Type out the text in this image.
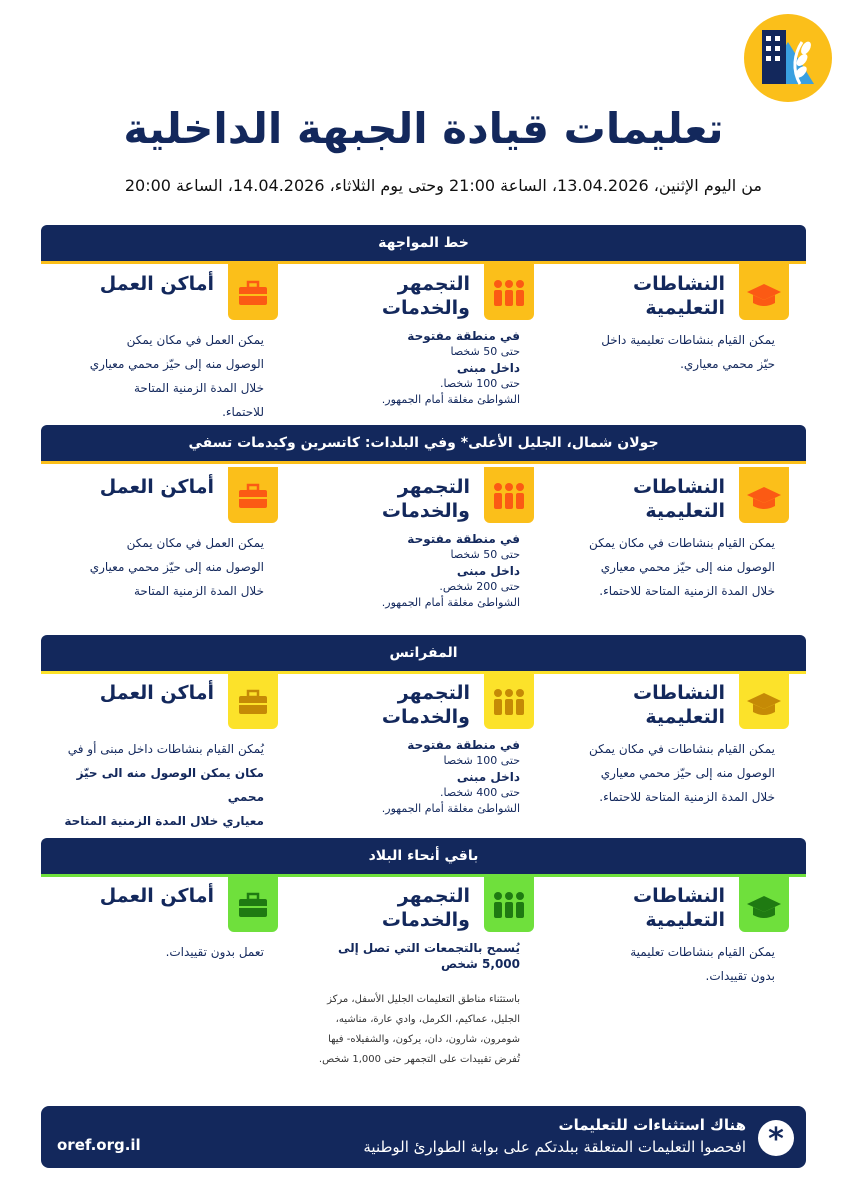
تعليمات قيادة الجبهة الداخلية
من اليوم الإثنين، 13.04.2026، الساعة 21:00 وحتى يوم الثلاثاء، 14.04.2026، الساعة 20:00
خط المواجهة
النشاطات التعليمية
يمكن القيام بنشاطات تعليمية داخل
حيّز محمي معياري.
التجمهر والخدمات
في منطقة مفتوحة
حتى 50 شخصا
داخل مبنى
حتى 100 شخصا.
الشواطئ مغلقة أمام الجمهور.
أماكن العمل
يمكن العمل في مكان يمكن
الوصول منه إلى حيّز محمي معياري
خلال المدة الزمنية المتاحة
للاحتماء.
جولان شمال، الجليل الأعلى* وفي البلدات: كاتسرين وكيدمات تسفي
النشاطات التعليمية
يمكن القيام بنشاطات في مكان يمكن
الوصول منه إلى حيّز محمي معياري
خلال المدة الزمنية المتاحة للاحتماء.
التجمهر والخدمات
في منطقة مفتوحة
حتى 50 شخصا
داخل مبنى
حتى 200 شخص.
الشواطئ مغلقة أمام الجمهور.
أماكن العمل
يمكن العمل في مكان يمكن
الوصول منه إلى حيّز محمي معياري
خلال المدة الزمنية المتاحة
المفراتس
النشاطات التعليمية
يمكن القيام بنشاطات في مكان يمكن
الوصول منه إلى حيّز محمي معياري
خلال المدة الزمنية المتاحة للاحتماء.
التجمهر والخدمات
في منطقة مفتوحة
حتى 100 شخصا
داخل مبنى
حتى 400 شخصا.
الشواطئ مغلقة أمام الجمهور.
أماكن العمل
يُمكن القيام بنشاطات داخل مبنى أو في
مكان يمكن الوصول منه الى حيّز محمي
معياري خلال المدة الزمنية المتاحة
باقي أنحاء البلاد
النشاطات التعليمية
يمكن القيام بنشاطات تعليمية
بدون تقييدات.
التجمهر والخدمات
يُسمح بالتجمعات التي تصل إلى 5,000 شخص
باستثناء مناطق التعليمات الجليل الأسفل، مركز
الجليل، عماكيم، الكرمل، وادي عارة، مناشيه،
شومرون، شارون، دان، يركون، والشفيلاه- فيها
تُفرض تقييدات على التجمهر حتى 1,000 شخص.
أماكن العمل
تعمل بدون تقييدات.
oref.org.il
هناك استثناءات للتعليمات
افحصوا التعليمات المتعلقة ببلدتكم على بوابة الطوارئ الوطنية *
